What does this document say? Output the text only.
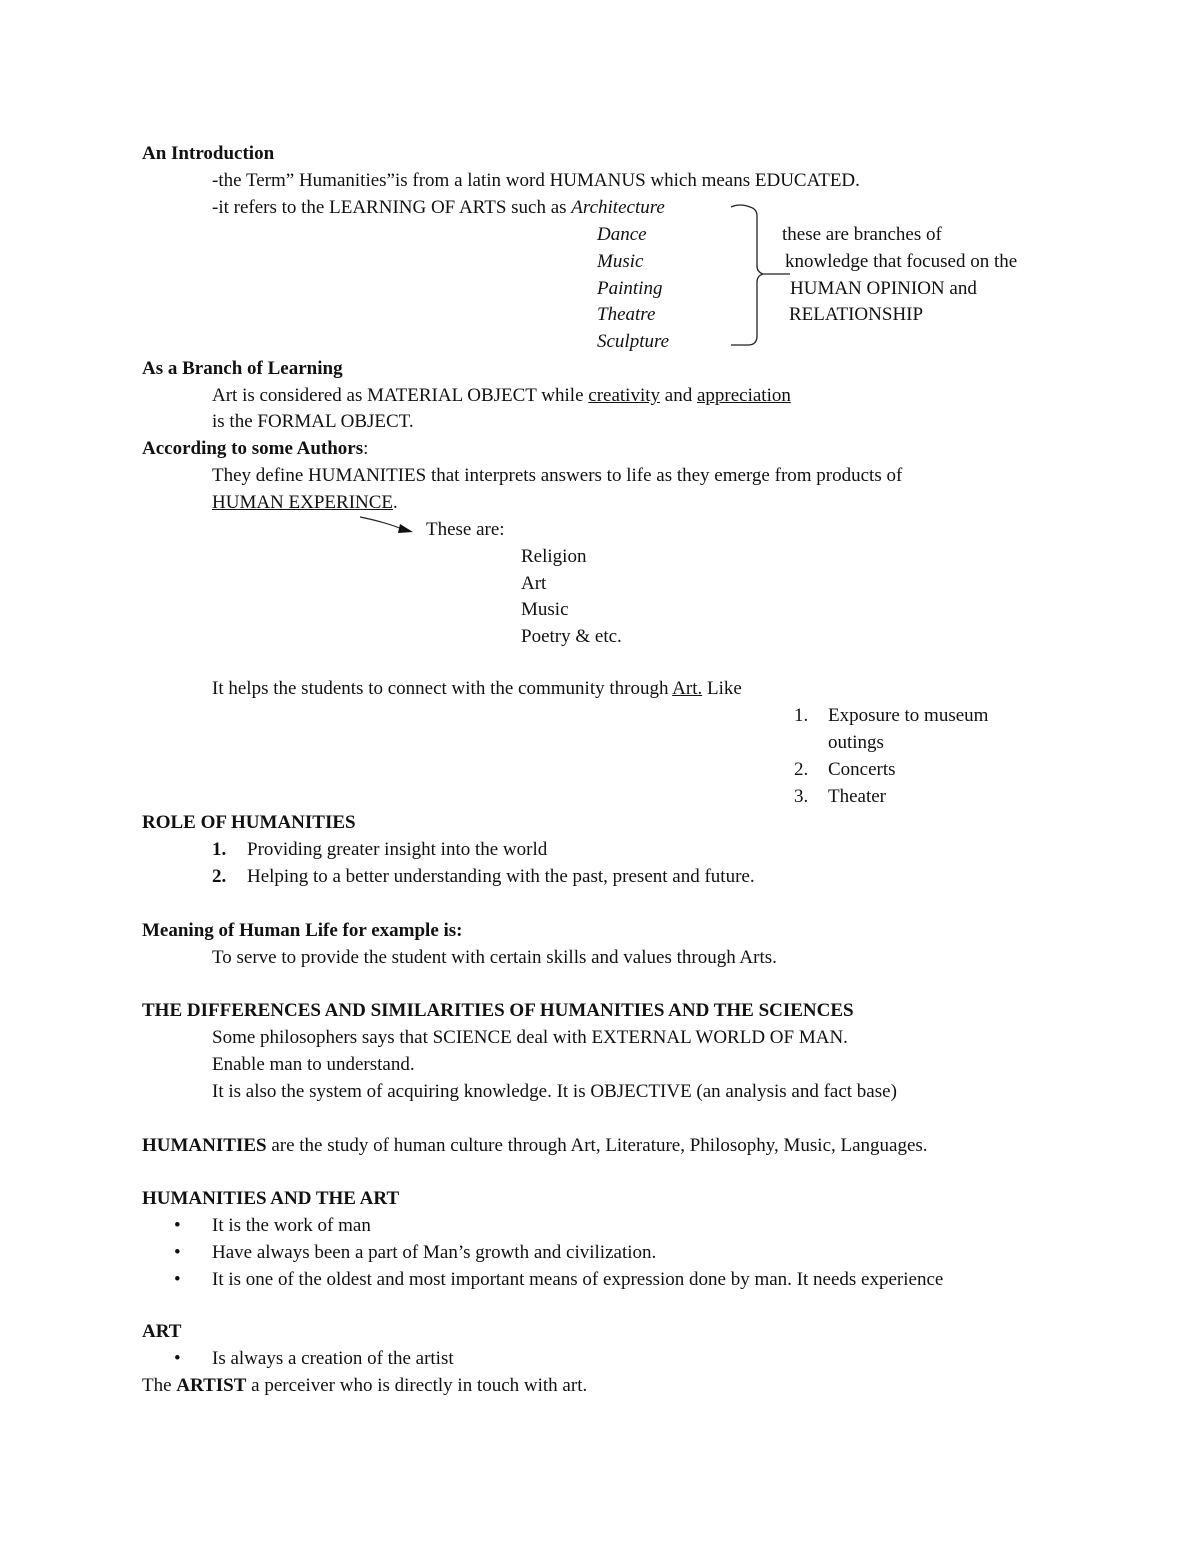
An Introduction
-the Term” Humanities”is from a latin word HUMANUS which means EDUCATED.
-it refers to the LEARNING OF ARTS such as Architecture
Dance
Music
Painting
Theatre
Sculpture
these are branches of
knowledge that focused on the
HUMAN OPINION and
RELATIONSHIP
As a Branch of Learning
Art is considered as MATERIAL OBJECT while creativity and appreciation
is the FORMAL OBJECT.
According to some Authors:
They define HUMANITIES that interprets answers to life as they emerge from products of
HUMAN EXPERINCE.
These are:
Religion
Art
Music
Poetry & etc.
It helps the students to connect with the community through Art. Like
1. Exposure to museum
outings
2. Concerts
3. Theater
ROLE OF HUMANITIES
1. Providing greater insight into the world
2. Helping to a better understanding with the past, present and future.
Meaning of Human Life for example is:
To serve to provide the student with certain skills and values through Arts.
THE DIFFERENCES AND SIMILARITIES OF HUMANITIES AND THE SCIENCES
Some philosophers says that SCIENCE deal with EXTERNAL WORLD OF MAN.
Enable man to understand.
It is also the system of acquiring knowledge. It is OBJECTIVE (an analysis and fact base)
HUMANITIES are the study of human culture through Art, Literature, Philosophy, Music, Languages.
HUMANITIES AND THE ART
• It is the work of man
• Have always been a part of Man’s growth and civilization.
• It is one of the oldest and most important means of expression done by man. It needs experience
ART
• Is always a creation of the artist
The ARTIST a perceiver who is directly in touch with art.
